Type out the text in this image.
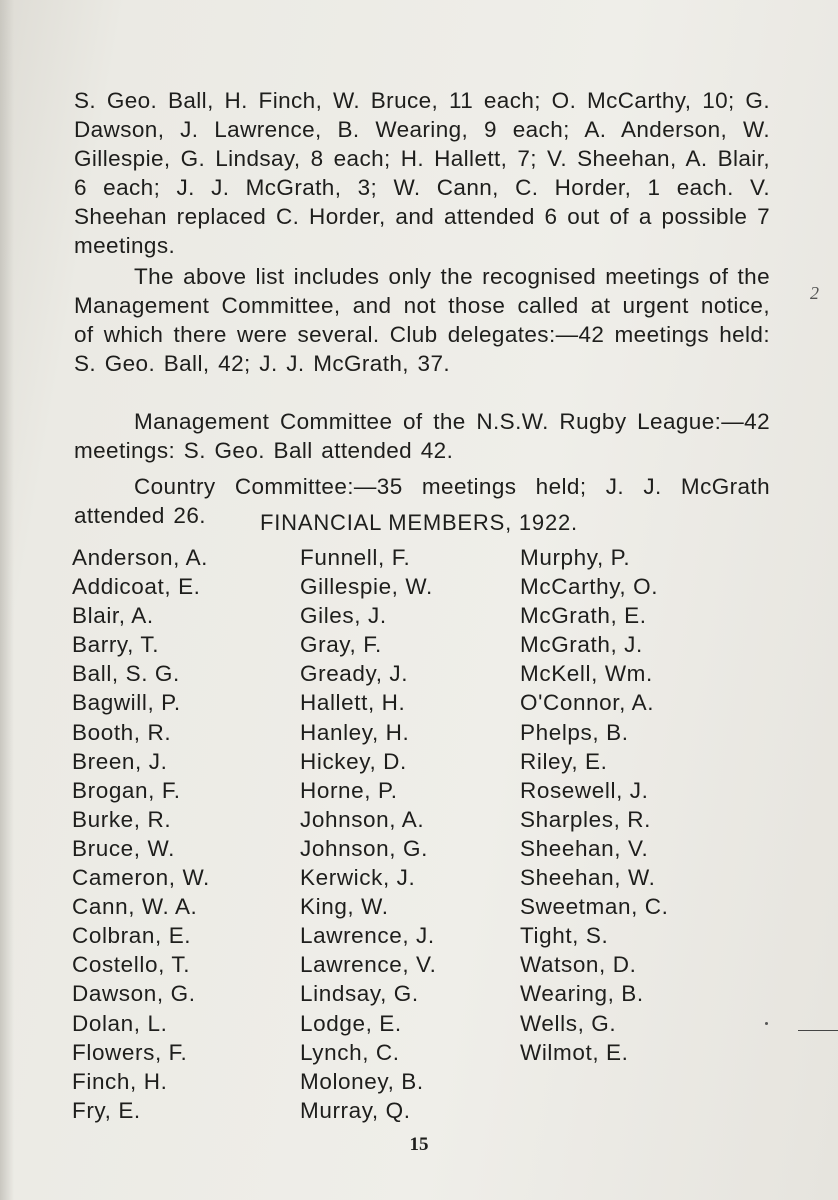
S. Geo. Ball, H. Finch, W. Bruce, 11 each; O. McCarthy, 10; G. Dawson, J. Lawrence, B. Wearing, 9 each; A. Anderson, W. Gillespie, G. Lindsay, 8 each; H. Hallett, 7; V. Sheehan, A. Blair, 6 each; J. J. McGrath, 3; W. Cann, C. Horder, 1 each. V. Sheehan replaced C. Horder, and attended 6 out of a possible 7 meetings.

The above list includes only the recognised meetings of the Management Committee, and not those called at urgent notice, of which there were several. Club delegates:—42 meetings held: S. Geo. Ball, 42; J. J. McGrath, 37.

Management Committee of the N.S.W. Rugby League:—42 meetings: S. Geo. Ball attended 42.

Country Committee:—35 meetings held; J. J. McGrath attended 26.	FINANCIAL MEMBERS, 1922.
Anderson, A.
Addicoat, E.
Blair, A.
Barry, T.
Ball, S. G.
Bagwill, P.
Booth, R.
Breen, J.
Brogan, F.
Burke, R.
Bruce, W.
Cameron, W.
Cann, W. A.
Colbran, E.
Costello, T.
Dawson, G.
Dolan, L.
Flowers, F.
Finch, H.
Fry, E.
Funnell, F.
Gillespie, W.
Giles, J.
Gray, F.
Gready, J.
Hallett, H.
Hanley, H.
Hickey, D.
Horne, P.
Johnson, A.
Johnson, G.
Kerwick, J.
King, W.
Lawrence, J.
Lawrence, V.
Lindsay, G.
Lodge, E.
Lynch, C.
Moloney, B.
Murray, Q.
Murphy, P.
McCarthy, O.
McGrath, E.
McGrath, J.
McKell, Wm.
O'Connor, A.
Phelps, B.
Riley, E.
Rosewell, J.
Sharples, R.
Sheehan, V.
Sheehan, W.
Sweetman, C.
Tight, S.
Watson, D.
Wearing, B.
Wells, G.
Wilmot, E.
15
2
